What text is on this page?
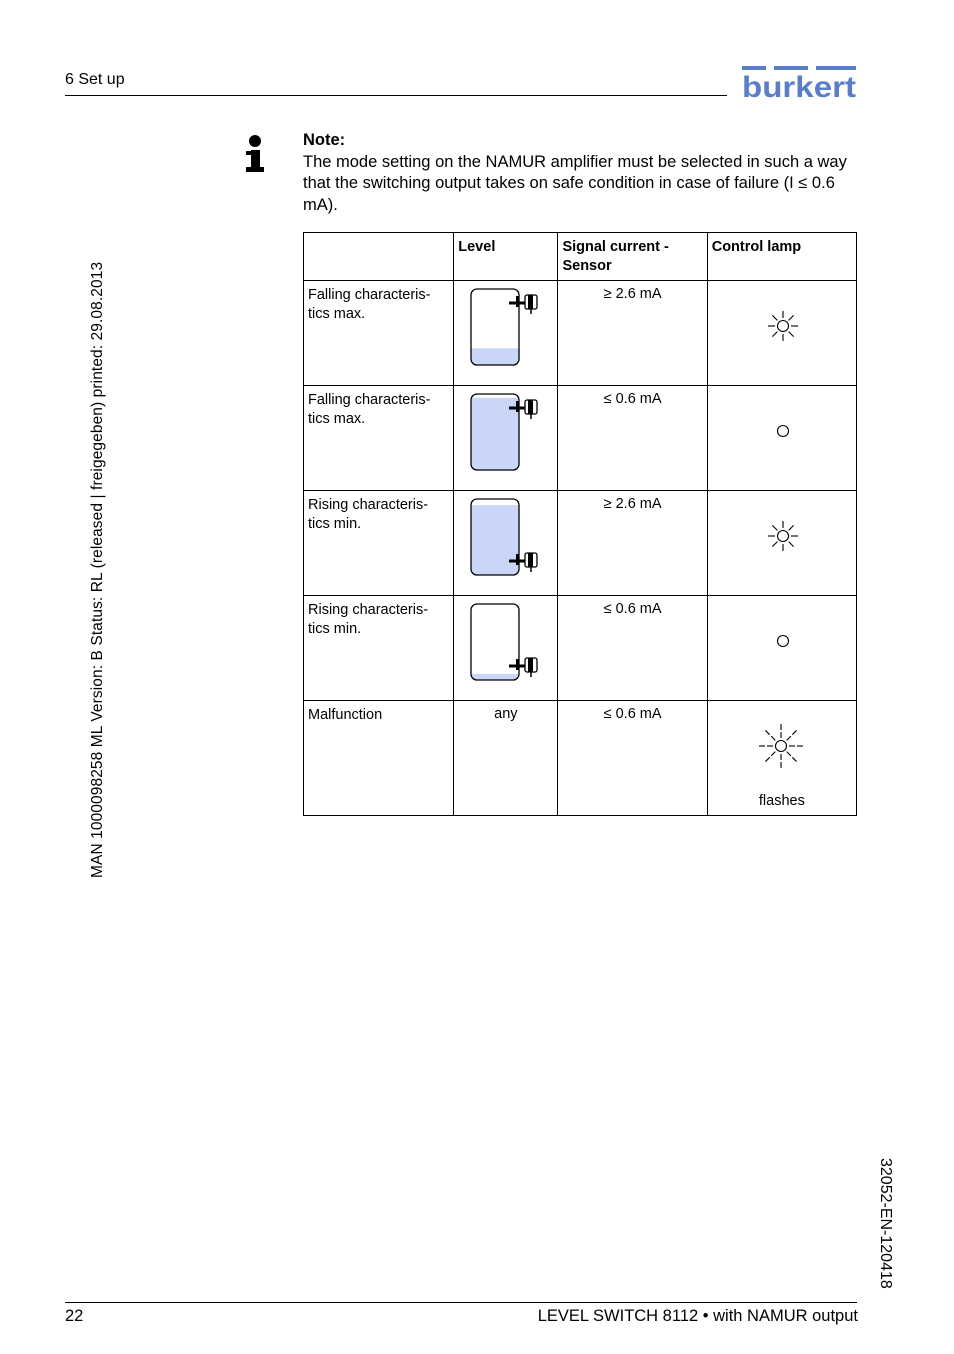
6 Set up	burkert
MAN 1000098258 ML Version: B Status: RL (released | freigegeben) printed: 29.08.2013
32052-EN-120418
Note:
The mode setting on the NAMUR amplifier must be selected in such a way that the switching output takes on safe condition in case of failure (I ≤ 0.6 mA).
	Level	Signal current - Sensor	Control lamp
Falling characteris-tics max.		≥ 2.6 mA	

Falling characteris-tics max.		≤ 0.6 mA	

Rising characteris-tics min.		≥ 2.6 mA	

Rising characteris-tics min.		≤ 0.6 mA	

Malfunction	any	≤ 0.6 mA	flashes
22	LEVEL SWITCH 8112 • with NAMUR output
